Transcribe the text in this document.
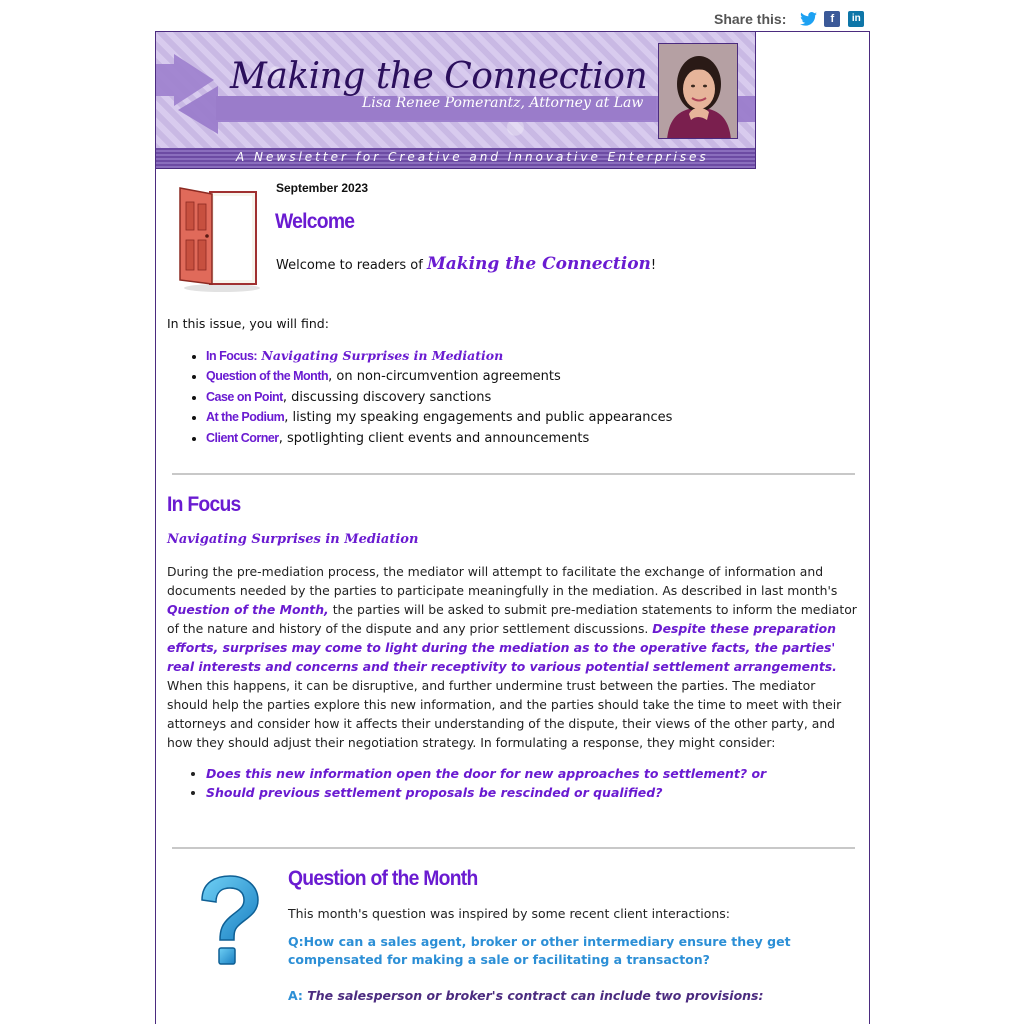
Share this:	f	in
Making the Connection
Lisa Renee Pomerantz, Attorney at Law
A Newsletter for Creative and Innovative Enterprises
September 2023
Welcome
Welcome to readers of Making the Connection!
In this issue, you will find:
• In Focus: Navigating Surprises in Mediation
• Question of the Month, on non-circumvention agreements
• Case on Point, discussing discovery sanctions
• At the Podium, listing my speaking engagements and public appearances
• Client Corner, spotlighting client events and announcements
In Focus
Navigating Surprises in Mediation
During the pre-mediation process, the mediator will attempt to facilitate the exchange of information and documents needed by the parties to participate meaningfully in the mediation. As described in last month's Question of the Month, the parties will be asked to submit pre-mediation statements to inform the mediator of the nature and history of the dispute and any prior settlement discussions. Despite these preparation efforts, surprises may come to light during the mediation as to the operative facts, the parties' real interests and concerns and their receptivity to various potential settlement arrangements. When this happens, it can be disruptive, and further undermine trust between the parties. The mediator should help the parties explore this new information, and the parties should take the time to meet with their attorneys and consider how it affects their understanding of the dispute, their views of the other party, and how they should adjust their negotiation strategy. In formulating a response, they might consider:
• Does this new information open the door for new approaches to settlement? or
• Should previous settlement proposals be rescinded or qualified?
Question of the Month
This month's question was inspired by some recent client interactions:
Q:How can a sales agent, broker or other intermediary ensure they get compensated for making a sale or facilitating a transacton?
A: The salesperson or broker's contract can include two provisions:
